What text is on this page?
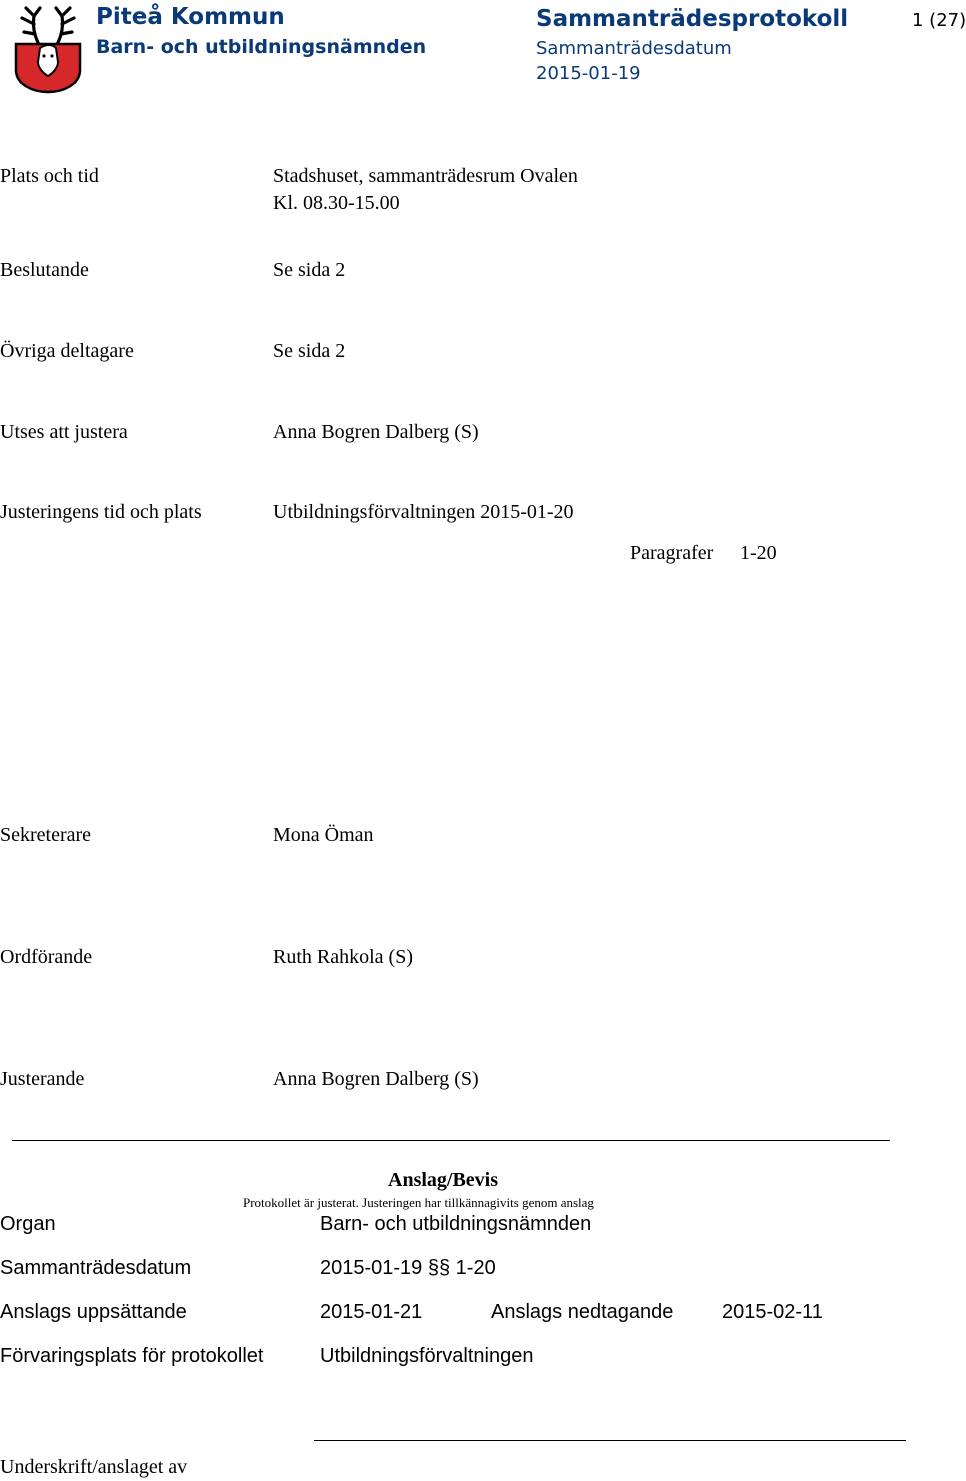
Piteå Kommun
Barn- och utbildningsnämnden
Sammanträdesprotokoll
Sammanträdesdatum
2015-01-19
1 (27)
Plats och tid	Stadshuset, sammanträdesrum Ovalen
Kl. 08.30-15.00
Beslutande	Se sida 2
Övriga deltagare	Se sida 2
Utses att justera	Anna Bogren Dalberg (S)
Justeringens tid och plats	Utbildningsförvaltningen 2015-01-20
Paragrafer 1-20
Sekreterare	Mona Öman
Ordförande	Ruth Rahkola (S)
Justerande	Anna Bogren Dalberg (S)
Anslag/Bevis
Protokollet är justerat. Justeringen har tillkännagivits genom anslag
Organ	Barn- och utbildningsnämnden
Sammanträdesdatum	2015-01-19 §§ 1-20
Anslags uppsättande	2015-01-21	Anslags nedtagande 2015-02-11
Förvaringsplats för protokollet	Utbildningsförvaltningen
Underskrift/anslaget av
